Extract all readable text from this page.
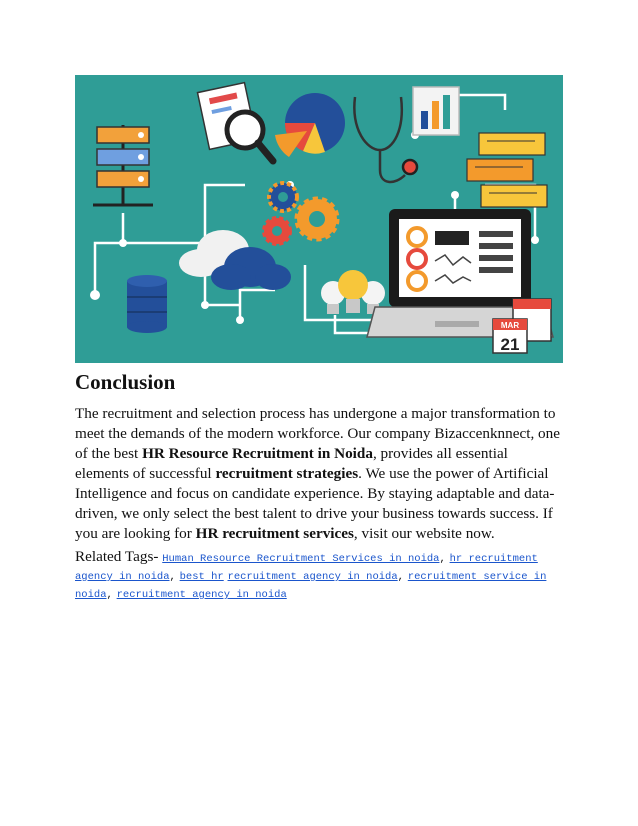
MAR
21
Conclusion

The recruitment and selection process has undergone a major transformation to meet the demands of the modern workforce. Our company Bizaccenknnect, one of the best HR Resource Recruitment in Noida, provides all essential elements of successful recruitment strategies. We use the power of Artificial Intelligence and focus on candidate experience. By staying adaptable and data-driven, we only select the best talent to drive your business towards success. If you are looking for HR recruitment services, visit our website now.

Related Tags- Human Resource Recruitment Services in noida, hr recruitment agency in noida, best hr recruitment agency in noida, recruitment service in noida, recruitment agency in noida
